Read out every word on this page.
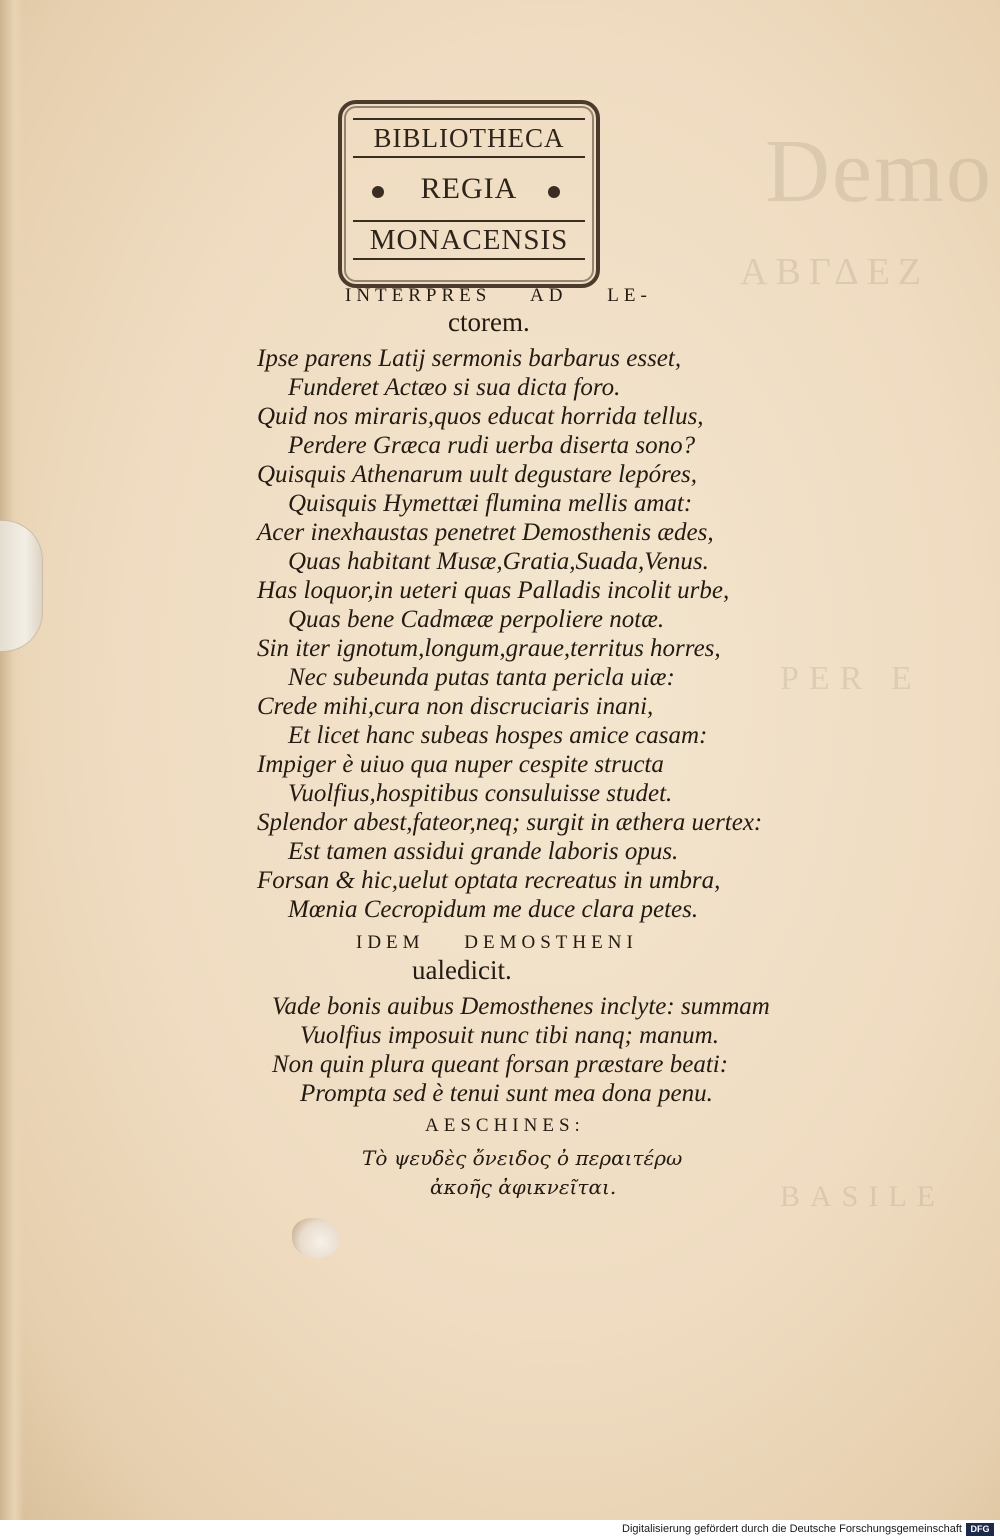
Demo
ΑΒΓΔΕΖ
PER E
BASILE
BIBLIOTHECA
REGIA
MONACENSIS
INTERPRES AD LE-
ctorem.
Ipse parens Latij sermonis barbarus esset,
Funderet Actæo si sua dicta foro.
Quid nos miraris,quos educat horrida tellus,
Perdere Græca rudi uerba diserta sono?
Quisquis Athenarum uult degustare lepóres,
Quisquis Hymettæi flumina mellis amat:
Acer inexhaustas penetret Demosthenis ædes,
Quas habitant Musæ,Gratia,Suada,Venus.
Has loquor,in ueteri quas Palladis incolit urbe,
Quas bene Cadmææ perpoliere notæ.
Sin iter ignotum,longum,graue,territus horres,
Nec subeunda putas tanta pericla uiæ:
Crede mihi,cura non discruciaris inani,
Et licet hanc subeas hospes amice casam:
Impiger è uiuo qua nuper cespite structa
Vuolfius,hospitibus consuluisse studet.
Splendor abest,fateor,neq; surgit in æthera uertex:
Est tamen assidui grande laboris opus.
Forsan & hic,uelut optata recreatus in umbra,
Mœnia Cecropidum me duce clara petes.
IDEM DEMOSTHENI
ualedicit.
Vade bonis auibus Demosthenes inclyte: summam
Vuolfius imposuit nunc tibi nanq; manum.
Non quin plura queant forsan præstare beati:
Prompta sed è tenui sunt mea dona penu.
AESCHINES:
Τὸ ψευδὲς ὄνειδος ὀ περαιτέρω
ἀκοῆς ἀφικνεῖται.
Digitalisierung gefördert durch die Deutsche Forschungsgemeinschaft DFG
